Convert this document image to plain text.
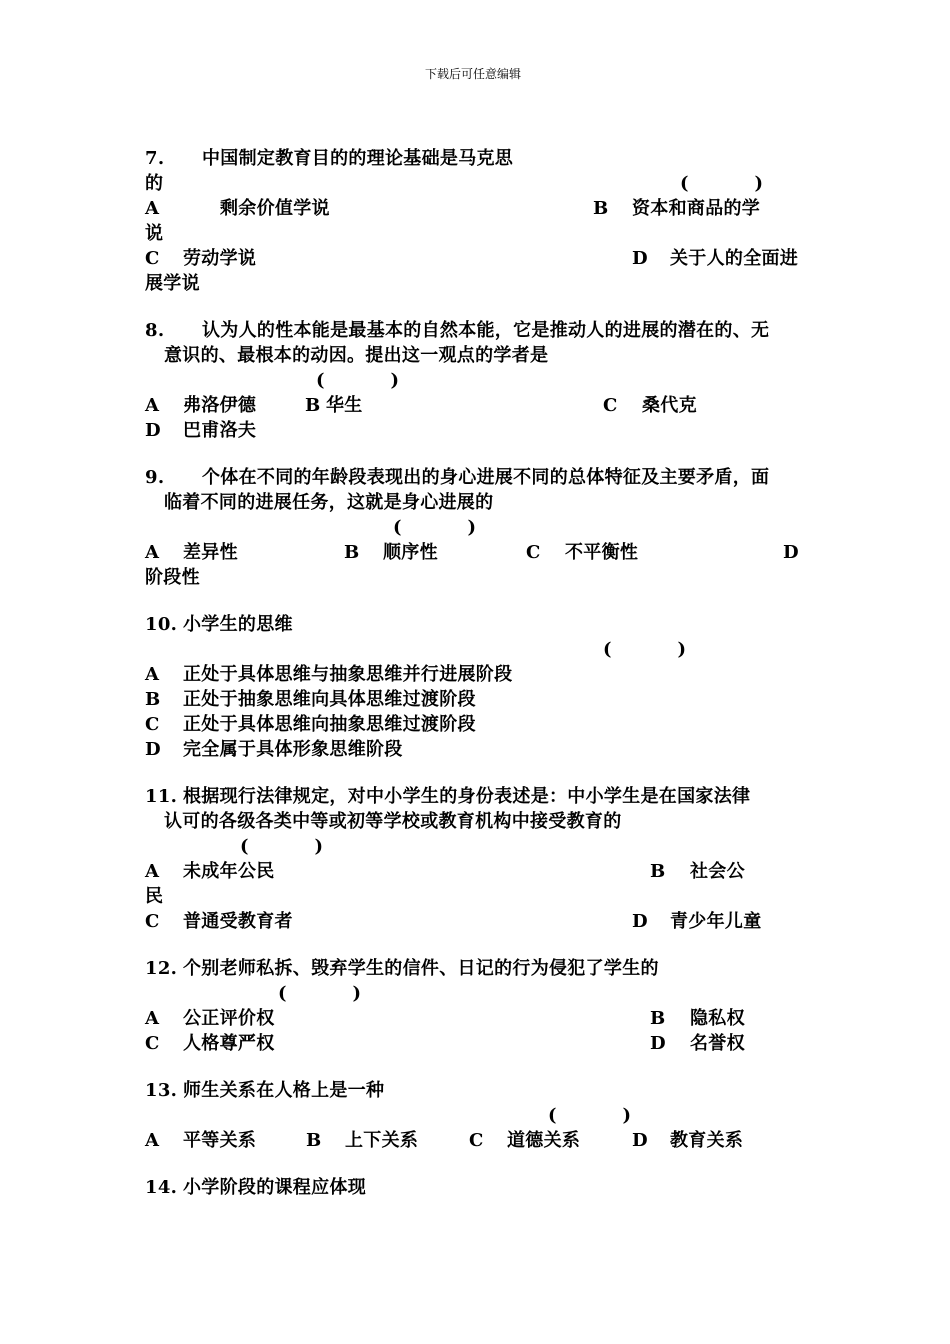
下载后可任意编辑
7. 中国制定教育目的的理论基础是马克思
的	(          )
A	剩余价值学说	B 资本和商品的学
说
C 劳动学说	D 关于人的全面进
展学说
8. 认为人的性本能是最基本的自然本能，它是推动人的进展的潜在的、无
意识的、最根本的动因。提出这一观点的学者是
(          )
A 弗洛伊德	B 华生	C 桑代克
D 巴甫洛夫
9. 个体在不同的年龄段表现出的身心进展不同的总体特征及主要矛盾，面
临着不同的进展任务，这就是身心进展的
(          )
A 差异性	B 顺序性	C 不平衡性	D
阶段性
10. 小学生的思维
(          )
A 正处于具体思维与抽象思维并行进展阶段
B 正处于抽象思维向具体思维过渡阶段
C 正处于具体思维向抽象思维过渡阶段
D 完全属于具体形象思维阶段
11. 根据现行法律规定，对中小学生的身份表述是：中小学生是在国家法律
认可的各级各类中等或初等学校或教育机构中接受教育的
(          )
A 未成年公民	B 社会公
民
C 普通受教育者	D 青少年儿童
12. 个别老师私拆、毁弃学生的信件、日记的行为侵犯了学生的
(          )
A 公正评价权	B 隐私权
C 人格尊严权	D 名誉权
13. 师生关系在人格上是一种
(          )
A 平等关系	B 上下关系	C 道德关系	D 教育关系
14. 小学阶段的课程应体现
